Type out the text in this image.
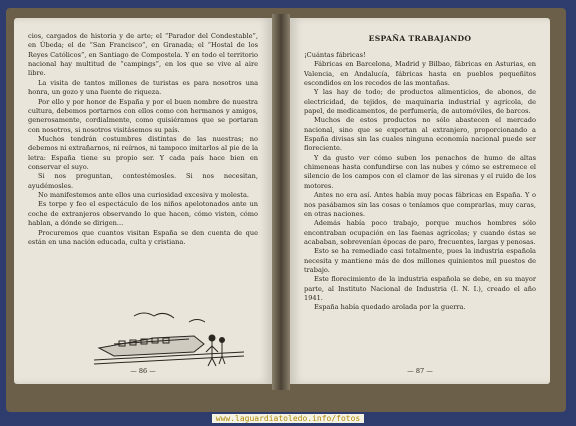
cios, cargados de historia y de arte; el “Parador del Condestable”, en Úbeda; el de “San Francisco”, en Granada; el “Hostal de los Reyes Católicos”, en Santiago de Compostela. Y en todo el territorio nacional hay multitud de “campings”, en los que se vive al aire libre.

La visita de tantos millones de turistas es para nosotros una honra, un gozo y una fuente de riqueza.

Por ello y por honor de España y por el buen nombre de nuestra cultura, debemos portarnos con ellos como con hermanos y amigos, generosamente, cordialmente, como quisiéramos que se portaran con nosotros, si nosotros visitásemos su país.

Muchos tendrán costumbres distintas de las nuestras; no debemos ni extrañarnos, ni reírnos, ni tampoco imitarlos al pie de la letra: España tiene su propio ser. Y cada país hace bien en conservar el suyo.

Si nos preguntan, contestémosles. Si nos necesitan, ayudémosles.

No manifestemos ante ellos una curiosidad excesiva y molesta.

Es torpe y feo el espectáculo de los niños apelotonados ante un coche de extranjeros observando lo que hacen, cómo visten, cómo hablan, a dónde se dirigen...

Procuremos que cuantos visitan España se den cuenta de que están en una nación educada, culta y cristiana.

— 86 —
ESPAÑA TRABAJANDO

¡Cuántas fábricas!

Fábricas en Barcelona, Madrid y Bilbao, fábricas en Asturias, en Valencia, en Andalucía, fábricas hasta en pueblos pequeñitos escondidos en los recodos de las montañas.

Y las hay de todo; de productos alimenticios, de abonos, de electricidad, de tejidos, de maquinaria industrial y agrícola, de papel, de medicamentos, de perfumería, de automóviles, de barcos.

Muchos de estos productos no sólo abastecen el mercado nacional, sino que se exportan al extranjero, proporcionando a España divisas sin las cuales ninguna economía nacional puede ser floreciente.

Y da gusto ver cómo suben los penachos de humo de altas chimeneas hasta confundirse con las nubes y cómo se estremece el silencio de los campos con el clamor de las sirenas y el ruido de los motores.

Antes no era así. Antes había muy pocas fábricas en España. Y o nos pasábamos sin las cosas o teníamos que comprarlas, muy caras, en otras naciones.

Además había poco trabajo, porque muchos hombres sólo encontraban ocupación en las faenas agrícolas; y cuando éstas se acababan, sobrevenían épocas de paro, frecuentes, largas y penosas.

Esto se ha remediado casi totalmente, pues la industria española necesita y mantiene más de dos millones quinientos mil puestos de trabajo.

Este florecimiento de la industria española se debe, en su mayor parte, al Instituto Nacional de Industria (I. N. I.), creado el año 1941.

España había quedado arolada por la guerra.

— 87 —
www.laguardiatoledo.info/fotos
